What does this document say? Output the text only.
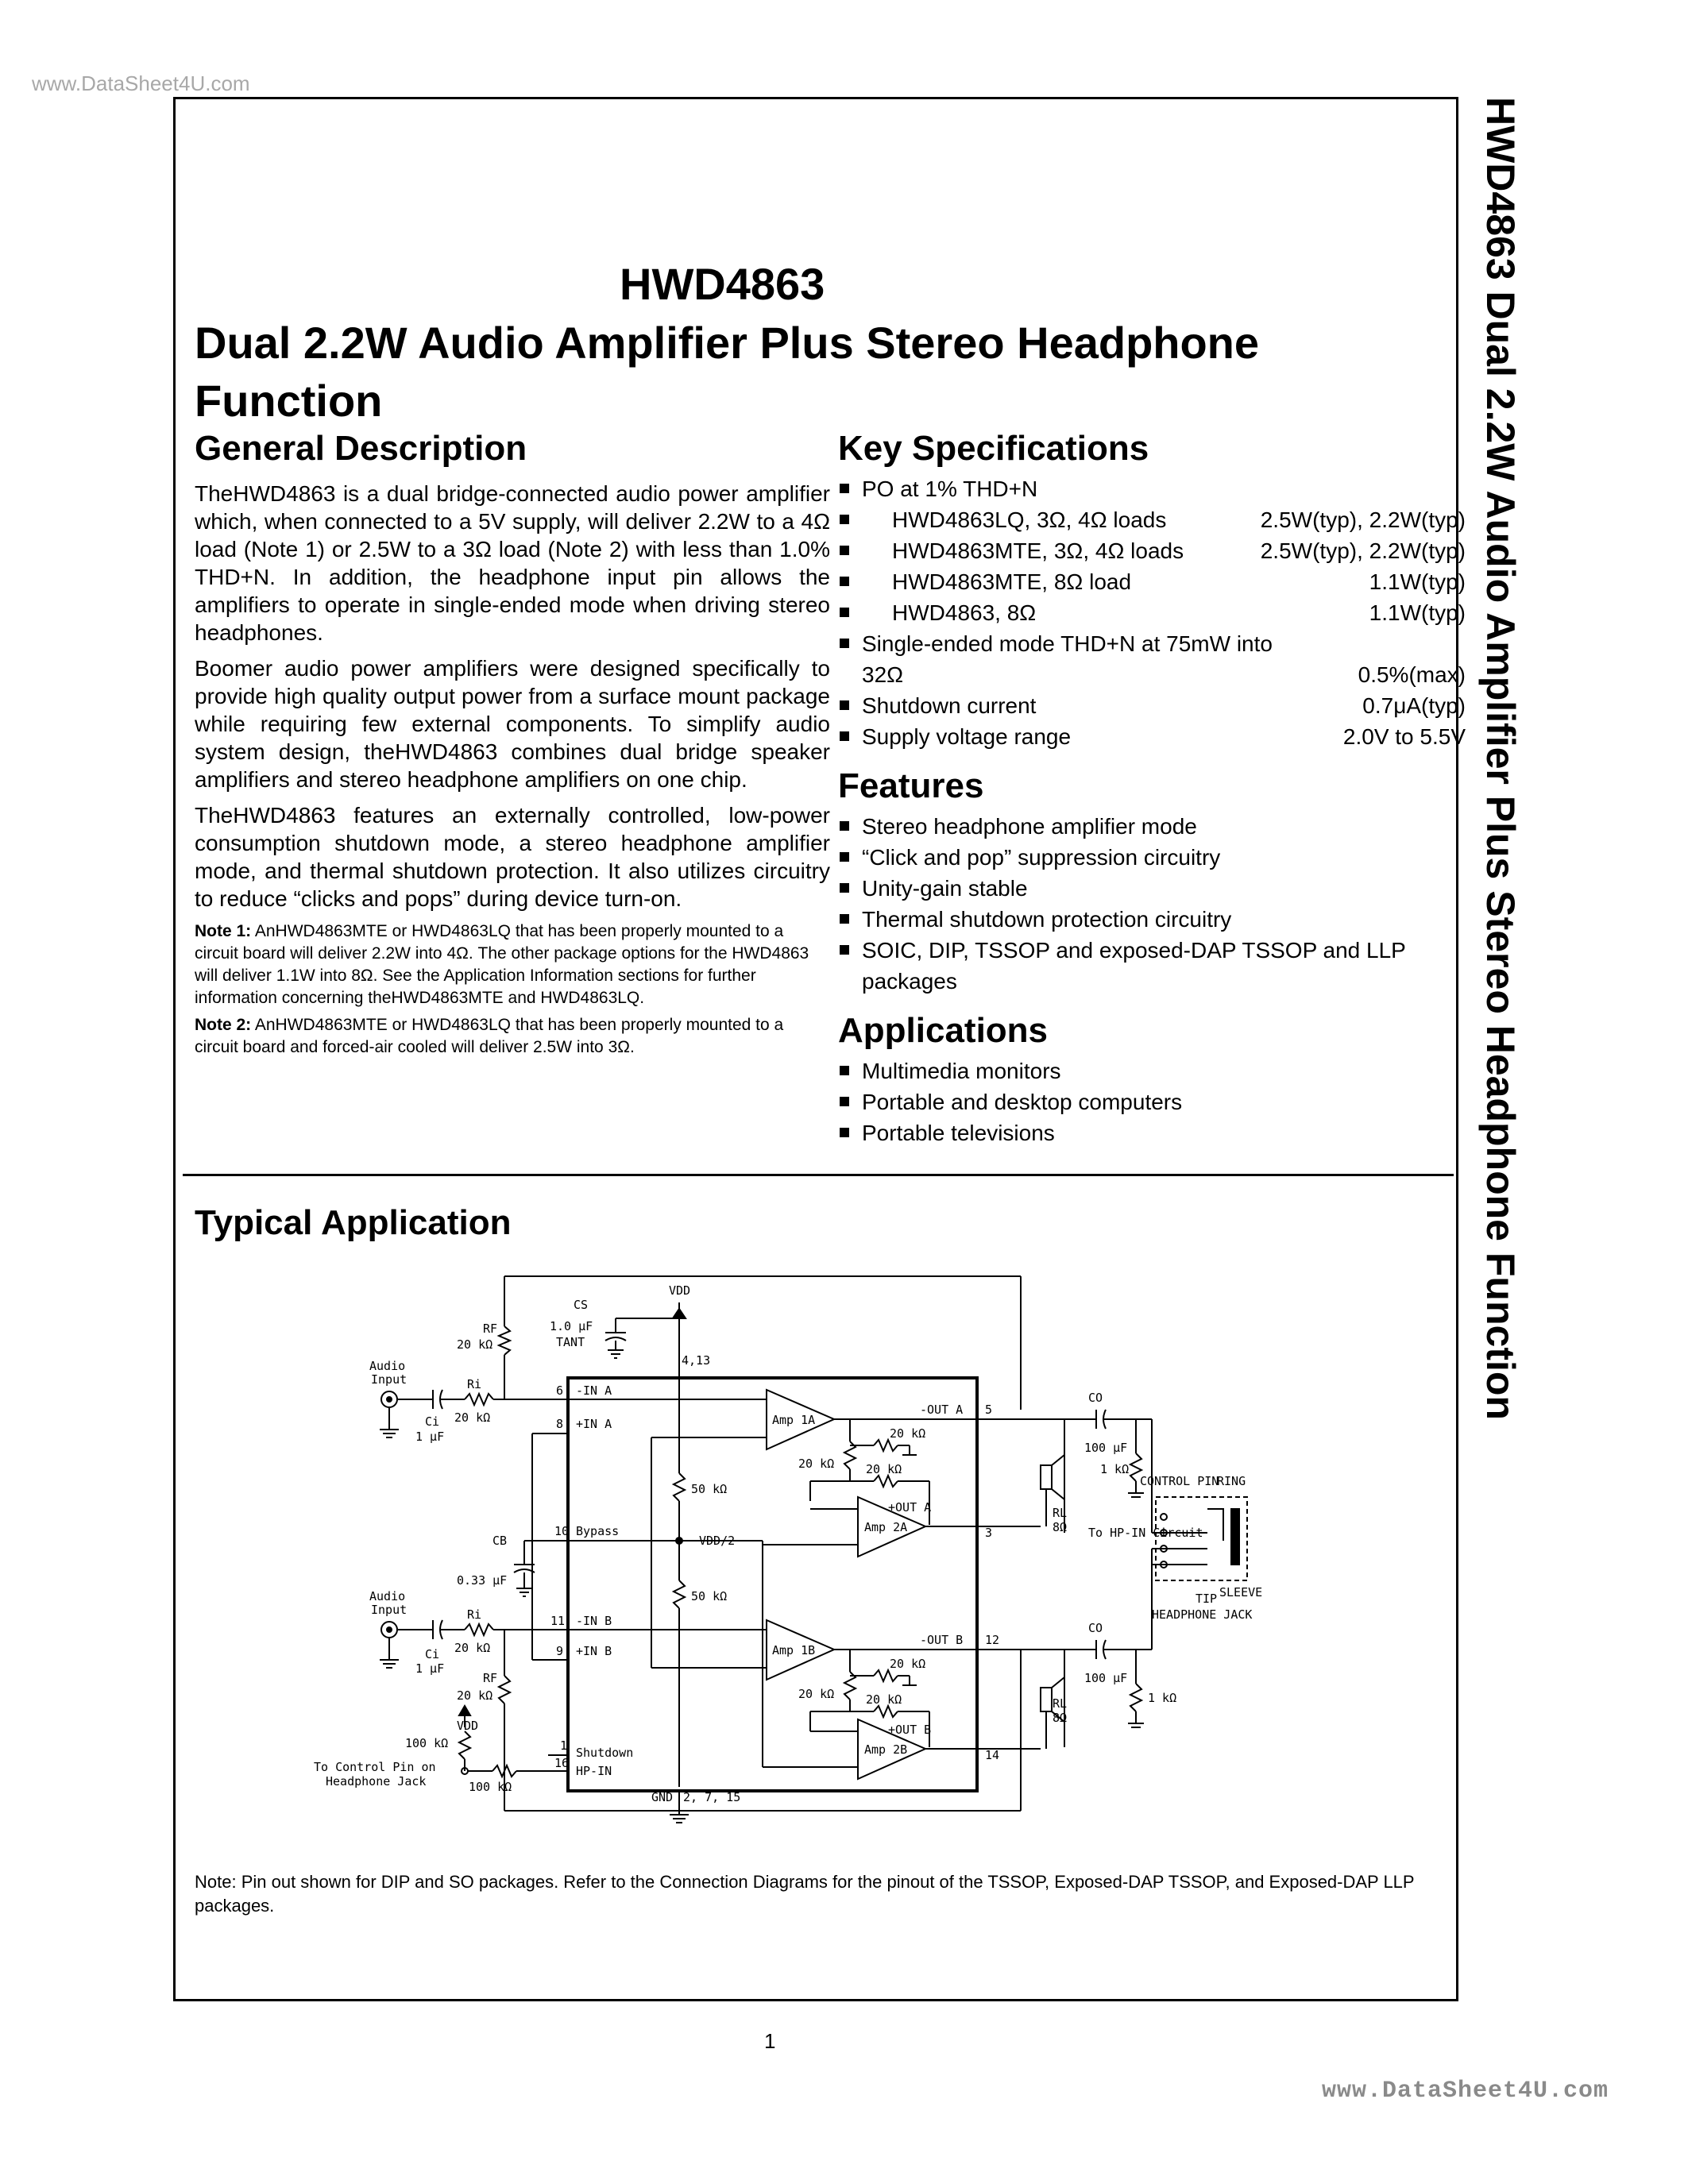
www.DataSheet4U.com
HWD4863 Dual 2.2W Audio Amplifier Plus Stereo Headphone Function
HWD4863
Dual 2.2W Audio Amplifier Plus Stereo Headphone Function
General Description

TheHWD4863 is a dual bridge-connected audio power amplifier which, when connected to a 5V supply, will deliver 2.2W to a 4Ω load (Note 1) or 2.5W to a 3Ω load (Note 2) with less than 1.0% THD+N. In addition, the headphone input pin allows the amplifiers to operate in single-ended mode when driving stereo headphones.

Boomer audio power amplifiers were designed specifically to provide high quality output power from a surface mount package while requiring few external components. To simplify audio system design, theHWD4863 combines dual bridge speaker amplifiers and stereo headphone amplifiers on one chip.

TheHWD4863 features an externally controlled, low-power consumption shutdown mode, a stereo headphone amplifier mode, and thermal shutdown protection. It also utilizes circuitry to reduce “clicks and pops” during device turn-on.

Note 1: AnHWD4863MTE or HWD4863LQ that has been properly mounted to a circuit board will deliver 2.2W into 4Ω. The other package options for the HWD4863 will deliver 1.1W into 8Ω. See the Application Information sections for further information concerning theHWD4863MTE and HWD4863LQ.
Note 2: AnHWD4863MTE or HWD4863LQ that has been properly mounted to a circuit board and forced-air cooled will deliver 2.5W into 3Ω.
Key Specifications
PO at 1% THD+N
HWD4863LQ, 3Ω, 4Ω loads	2.5W(typ), 2.2W(typ)
HWD4863MTE, 3Ω, 4Ω loads	2.5W(typ), 2.2W(typ)
HWD4863MTE, 8Ω load	1.1W(typ)
HWD4863, 8Ω	1.1W(typ)
Single-ended mode THD+N at 75mW into
32Ω	0.5%(max)
Shutdown current	0.7μA(typ)
Supply voltage range	2.0V to 5.5V
Features
Stereo headphone amplifier mode
“Click and pop” suppression circuitry
Unity-gain stable
Thermal shutdown protection circuitry
SOIC, DIP, TSSOP and exposed-DAP TSSOP and LLP packages
Applications
Multimedia monitors
Portable and desktop computers
Portable televisions
Typical Application
VDD
4,13
CS
1.0 μF
TANT
RF
20 kΩ
Audio
Input	Ri
20 kΩ
Ci
1 μF
6 -IN A
8 +IN A	Amp 1A
-OUT A 5
20 kΩ	20 kΩ
20 kΩ
Amp 2A
+OUT A
3
50 kΩ
VDD/2
50 kΩ
10 Bypass
CB
0.33 μF
Audio
Input	Ri
20 kΩ
Ci
1 μF
11 -IN B
RF
20 kΩ
9 +IN B	Amp 1B
-OUT B 12
20 kΩ	20 kΩ
20 kΩ
Amp 2B
+OUT B
14
RL
8Ω
CO
100 μF
1 kΩ
CONTROL PIN
RING
To HP-IN Circuit
SLEEVE
TIP
HEADPHONE JACK
RL
8Ω
CO
100 μF
1 kΩ
VDD
100 kΩ
100 kΩ
To Control Pin on
Headphone Jack
1
16
Shutdown
HP-IN
GND 2, 7, 15
Note: Pin out shown for DIP and SO packages. Refer to the Connection Diagrams for the pinout of the TSSOP, Exposed-DAP TSSOP, and Exposed-DAP LLP packages.
1
www.DataSheet4U.com
